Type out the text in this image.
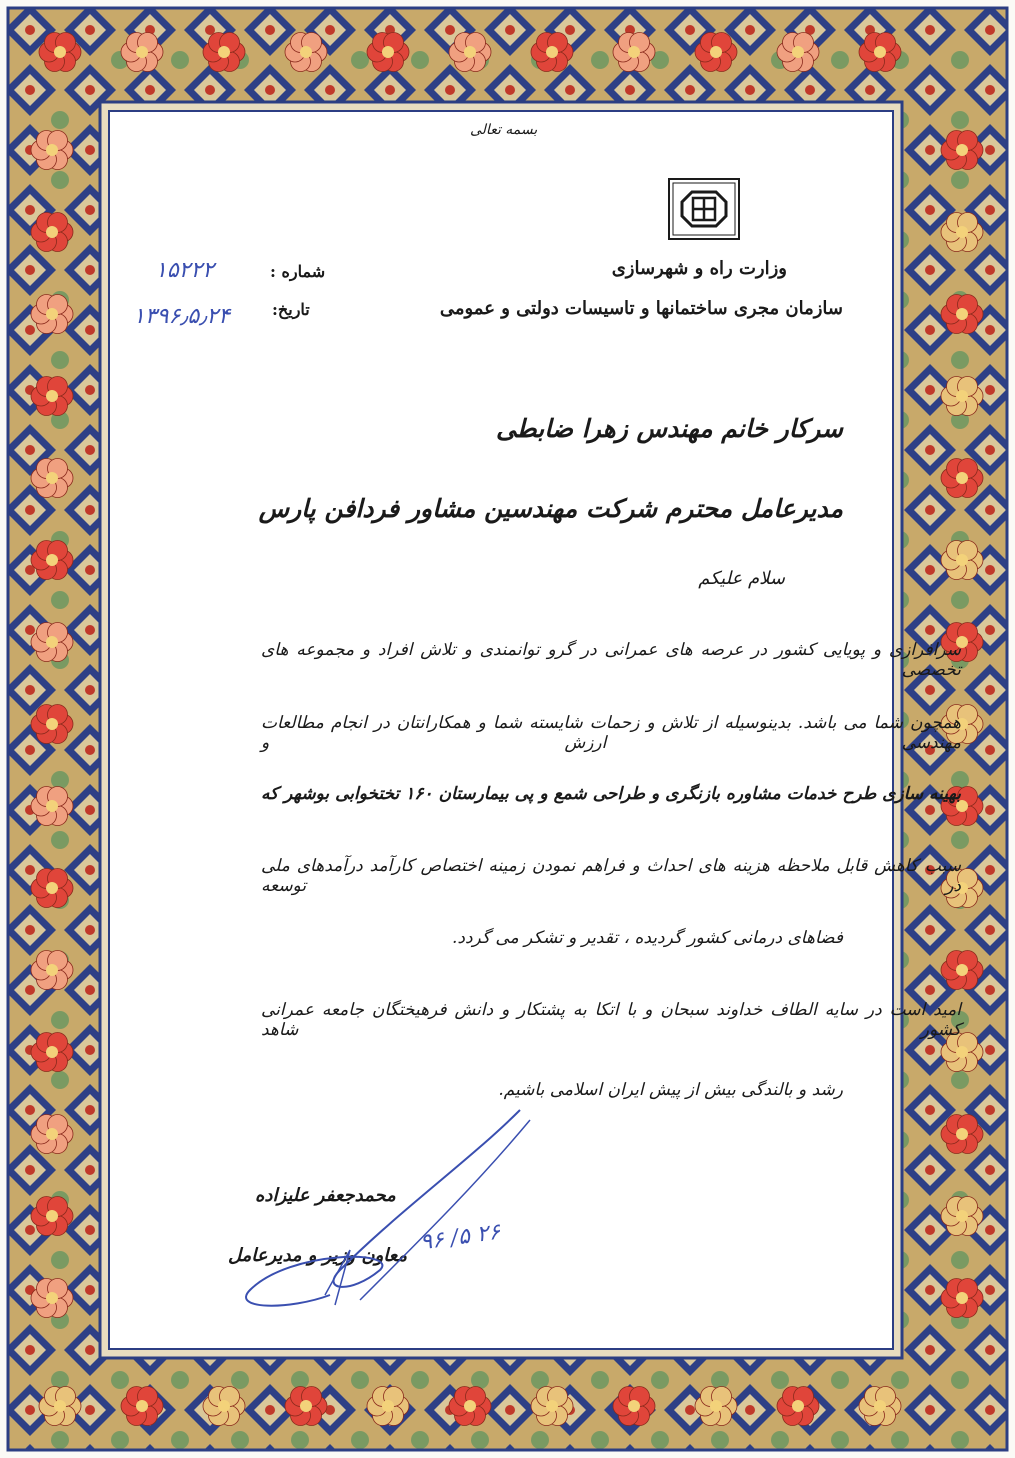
بسمه تعالی
وزارت راه و شهرسازی
سازمان مجری ساختمانها و تاسیسات دولتی و عمومی
شماره :
۱۵۲۲۲
تاریخ:
۱۳۹۶٫۵٫۲۴
سرکار خانم مهندس زهرا ضابطی
مدیرعامل محترم شرکت مهندسین مشاور فردافن پارس
سلام علیکم
سرافرازی و پویایی کشور در عرصه های عمرانی در گرو توانمندی و تلاش افراد و مجموعه های تخصصی
همچون شما می باشد. بدینوسیله از تلاش و زحمات شایسته شما و همکارانتان در انجام مطالعات مهندسی ارزش و
بهینه سازی طرح خدمات مشاوره بازنگری و طراحی شمع و پی بیمارستان ۱۶۰ تختخوابی بوشهر که
سبب کاهش قابل ملاحظه هزینه های احداث و فراهم نمودن زمینه اختصاص کارآمد درآمدهای ملی در توسعه
فضاهای درمانی کشور گردیده ، تقدیر و تشکر می گردد.
امید است در سایه الطاف خداوند سبحان و با اتکا به پشتکار و دانش فرهیختگان جامعه عمرانی کشور شاهد
رشد و بالندگی بیش از پیش ایران اسلامی باشیم.
محمدجعفر علیزاده
معاون وزیر و مدیرعامل
۲۶ ۵/ ۹۶
